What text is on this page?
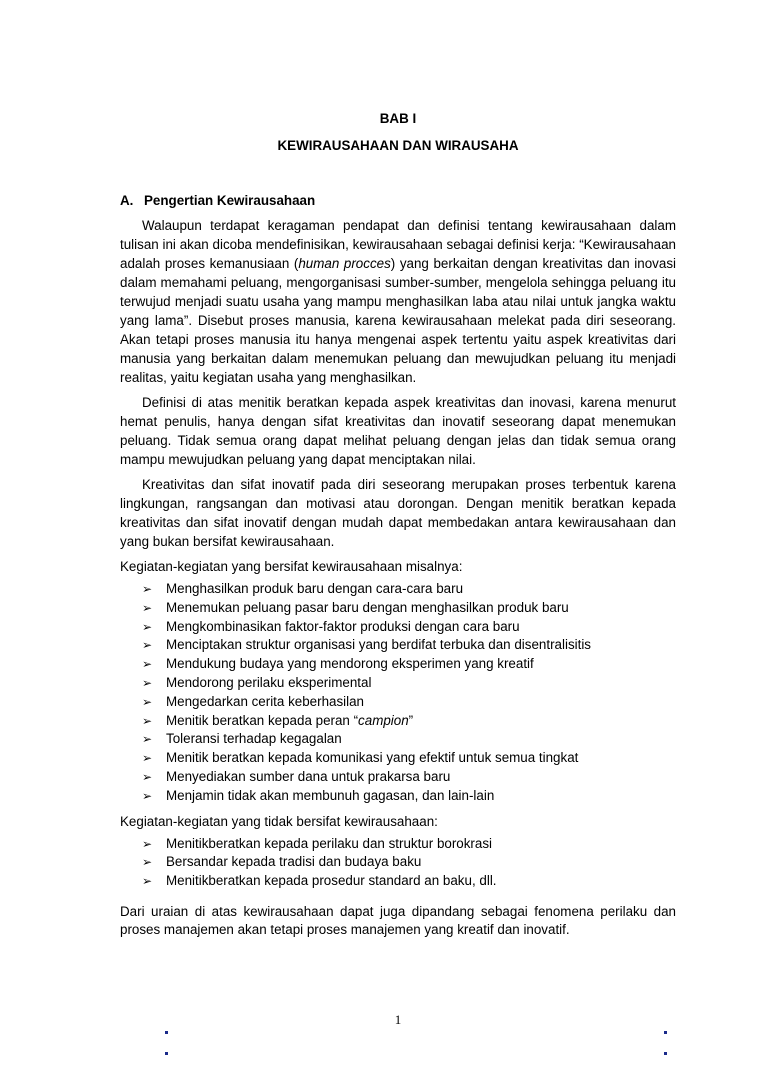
BAB I
KEWIRAUSAHAAN DAN WIRAUSAHA
A. Pengertian Kewirausahaan

Walaupun terdapat keragaman pendapat dan definisi tentang kewirausahaan dalam tulisan ini akan dicoba mendefinisikan, kewirausahaan sebagai definisi kerja: “Kewirausahaan adalah proses kemanusiaan (human procces) yang berkaitan dengan kreativitas dan inovasi dalam memahami peluang, mengorganisasi sumber-sumber, mengelola sehingga peluang itu terwujud menjadi suatu usaha yang mampu menghasilkan laba atau nilai untuk jangka waktu yang lama”. Disebut proses manusia, karena kewirausahaan melekat pada diri seseorang. Akan tetapi proses manusia itu hanya mengenai aspek tertentu yaitu aspek kreativitas dari manusia yang berkaitan dalam menemukan peluang dan mewujudkan peluang itu menjadi realitas, yaitu kegiatan usaha yang menghasilkan.

Definisi di atas menitik beratkan kepada aspek kreativitas dan inovasi, karena menurut hemat penulis, hanya dengan sifat kreativitas dan inovatif seseorang dapat menemukan peluang. Tidak semua orang dapat melihat peluang dengan jelas dan tidak semua orang mampu mewujudkan peluang yang dapat menciptakan nilai.

Kreativitas dan sifat inovatif pada diri seseorang merupakan proses terbentuk karena lingkungan, rangsangan dan motivasi atau dorongan. Dengan menitik beratkan kepada kreativitas dan sifat inovatif dengan mudah dapat membedakan antara kewirausahaan dan yang bukan bersifat kewirausahaan.

Kegiatan-kegiatan yang bersifat kewirausahaan misalnya:

➢ Menghasilkan produk baru dengan cara-cara baru
➢ Menemukan peluang pasar baru dengan menghasilkan produk baru
➢ Mengkombinasikan faktor-faktor produksi dengan cara baru
➢ Menciptakan struktur organisasi yang berdifat terbuka dan disentralisitis
➢ Mendukung budaya yang mendorong eksperimen yang kreatif
➢ Mendorong perilaku eksperimental
➢ Mengedarkan cerita keberhasilan
➢ Menitik beratkan kepada peran “campion”
➢ Toleransi terhadap kegagalan
➢ Menitik beratkan kepada komunikasi yang efektif untuk semua tingkat
➢ Menyediakan sumber dana untuk prakarsa baru
➢ Menjamin tidak akan membunuh gagasan, dan lain-lain

Kegiatan-kegiatan yang tidak bersifat kewirausahaan:

➢ Menitikberatkan kepada perilaku dan struktur borokrasi
➢ Bersandar kepada tradisi dan budaya baku
➢ Menitikberatkan kepada prosedur standard an baku, dll.

Dari uraian di atas kewirausahaan dapat juga dipandang sebagai fenomena perilaku dan proses manajemen akan tetapi proses manajemen yang kreatif dan inovatif.

1
